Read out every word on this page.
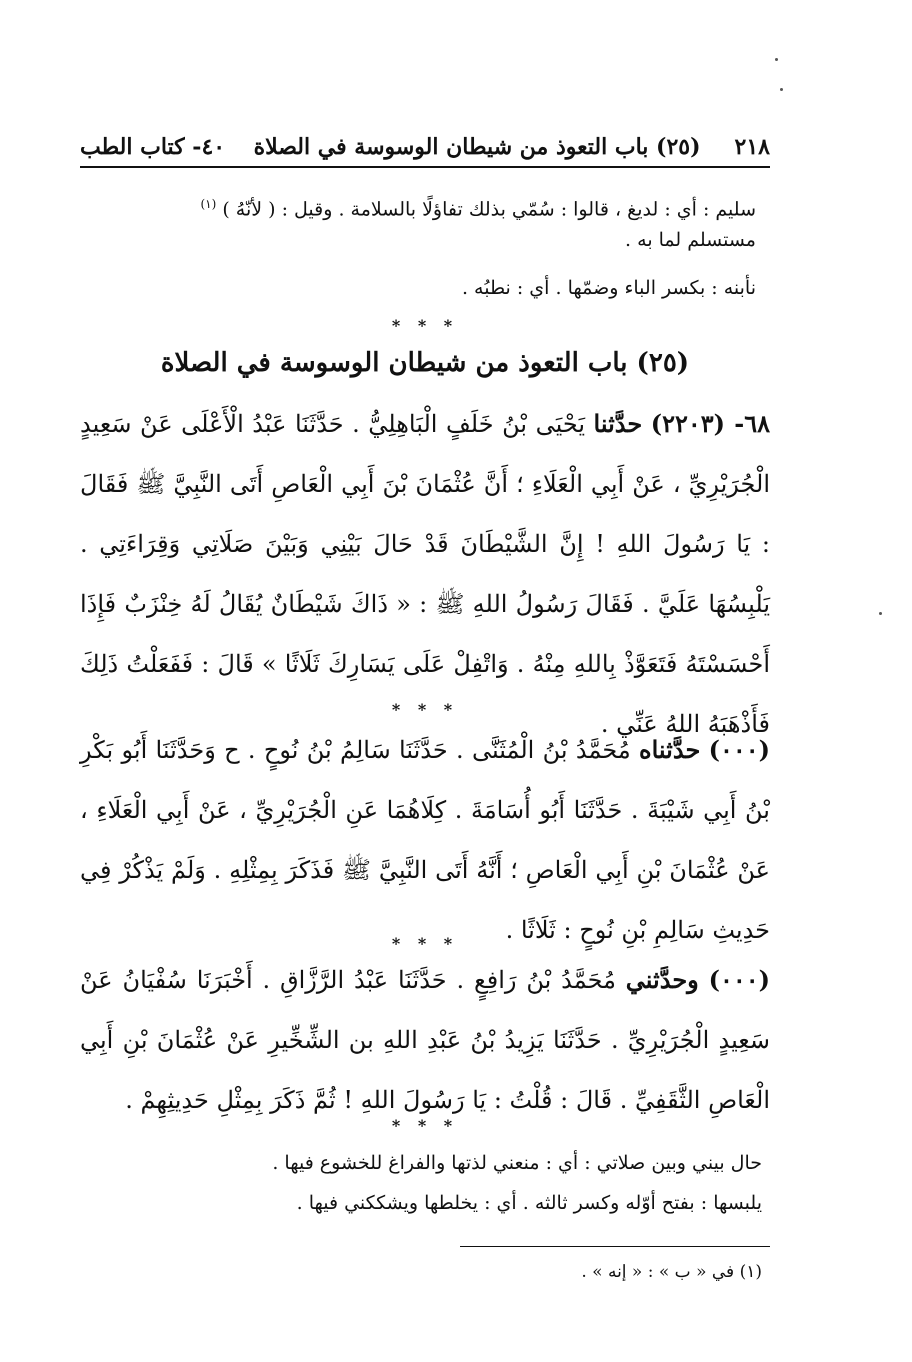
٢١٨
(٢٥) باب التعوذ من شيطان الوسوسة في الصلاة
٤٠- كتاب الطب
سليم : أي : لديغ ، قالوا : سُمّي بذلك تفاؤلًا بالسلامة . وقيل : ( لأنّهُ ) $^{(١)}$
مستسلم لما به .
نأبنه : بكسر الباء وضمّها . أي : نطبُه .
* * *
(٢٥) باب التعوذ من شيطان الوسوسة في الصلاة
٦٨- (٢٢٠٣) حدَّثنا يَحْيَى بْنُ خَلَفٍ الْبَاهِلِيُّ . حَدَّثَنَا عَبْدُ الْأَعْلَى عَنْ سَعِيدٍ الْجُرَيْرِيِّ ، عَنْ أَبِي الْعَلَاءِ ؛ أَنَّ عُثْمَانَ بْنَ أَبِي الْعَاصِ أَتَى النَّبِيَّ ﷺ فَقَالَ : يَا رَسُولَ اللهِ ! إِنَّ الشَّيْطَانَ قَدْ حَالَ بَيْنِي وَبَيْنَ صَلَاتِي وَقِرَاءَتِي . يَلْبِسُهَا عَلَيَّ . فَقَالَ رَسُولُ اللهِ ﷺ : « ذَاكَ شَيْطَانٌ يُقَالُ لَهُ خِنْزَبٌ فَإِذَا أَحْسَسْتَهُ فَتَعَوَّذْ بِاللهِ مِنْهُ . وَاتْفِلْ عَلَى يَسَارِكَ ثَلَاثًا » قَالَ : فَفَعَلْتُ ذَلِكَ فَأَذْهَبَهُ اللهُ عَنِّي .
* * *
(٠٠٠) حدَّثناه مُحَمَّدُ بْنُ الْمُثَنَّى . حَدَّثَنَا سَالِمُ بْنُ نُوحٍ . ح وَحَدَّثَنَا أَبُو بَكْرِ بْنُ أَبِي شَيْبَةَ . حَدَّثَنَا أَبُو أُسَامَةَ . كِلَاهُمَا عَنِ الْجُرَيْرِيِّ ، عَنْ أَبِي الْعَلَاءِ ، عَنْ عُثْمَانَ بْنِ أَبِي الْعَاصِ ؛ أَنَّهُ أَتَى النَّبِيَّ ﷺ فَذَكَرَ بِمِثْلِهِ . وَلَمْ يَذْكُرْ فِي حَدِيثِ سَالِمِ بْنِ نُوحٍ : ثَلَاثًا .
* * *
(٠٠٠) وحدَّثني مُحَمَّدُ بْنُ رَافِعٍ . حَدَّثَنَا عَبْدُ الرَّزَّاقِ . أَخْبَرَنَا سُفْيَانُ عَنْ سَعِيدٍ الْجُرَيْرِيِّ . حَدَّثَنَا يَزِيدُ بْنُ عَبْدِ اللهِ بن الشِّخِّيرِ عَنْ عُثْمَانَ بْنِ أَبِي الْعَاصِ الثَّقَفِيِّ . قَالَ : قُلْتُ : يَا رَسُولَ اللهِ ! ثُمَّ ذَكَرَ بِمِثْلِ حَدِيثِهِمْ .
* * *
حال بيني وبين صلاتي : أي : منعني لذتها والفراغ للخشوع فيها .
يلبسها : بفتح أوّله وكسر ثالثه . أي : يخلطها ويشككني فيها .
(١) في « ب » : « إنه » .
